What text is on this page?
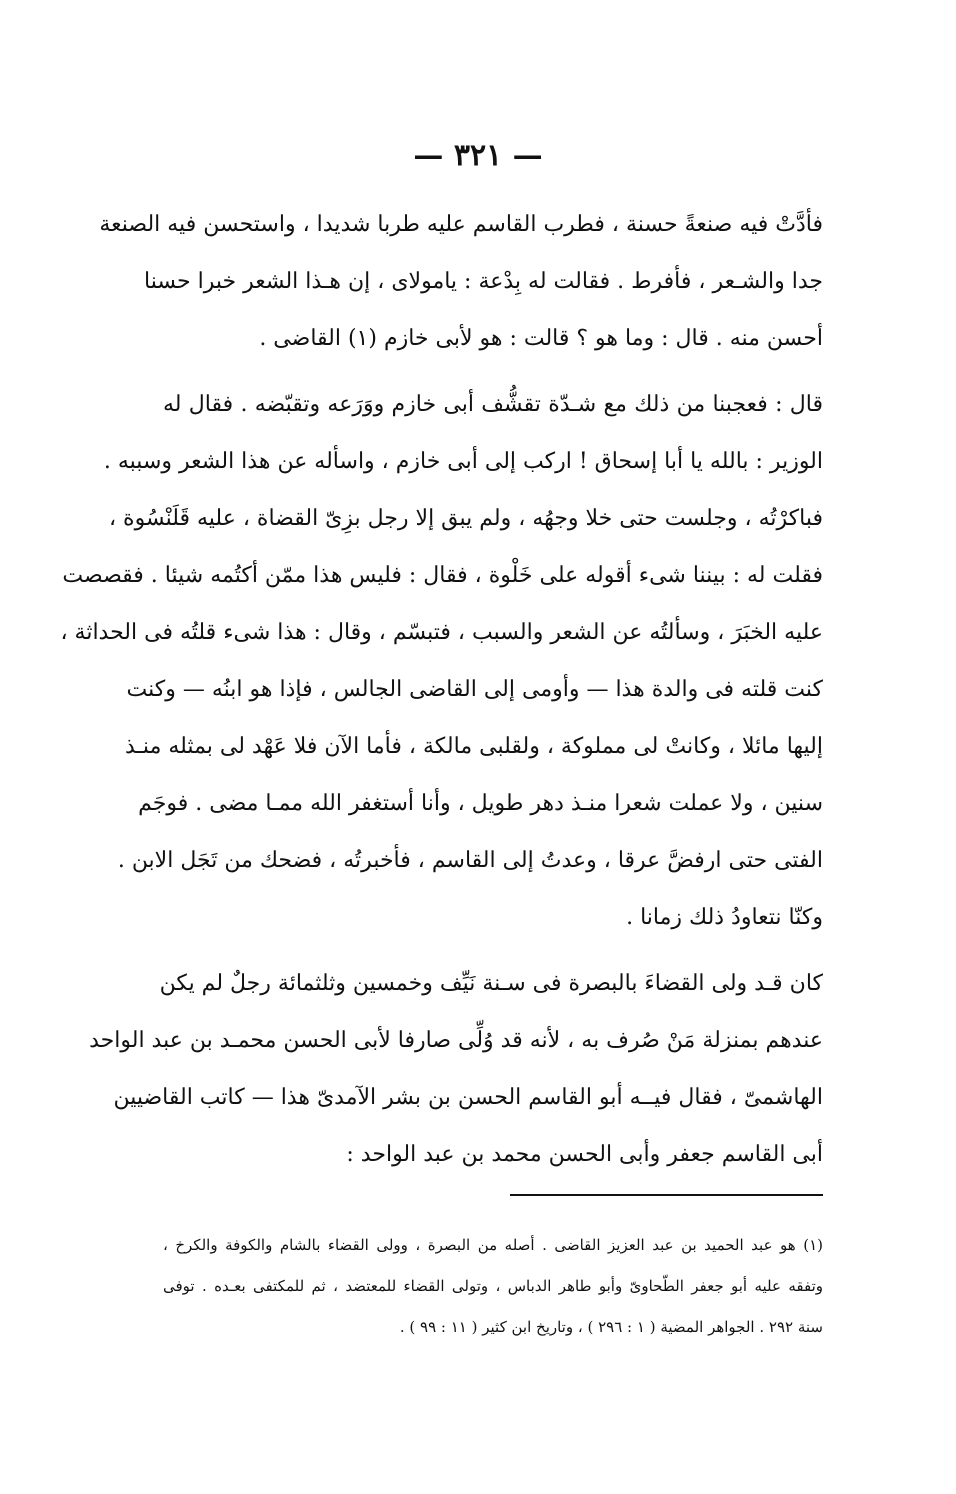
— ٣٢١ —
فأدَّتْ فيه صنعةً حسنة ، فطرب القاسم عليه طربا شديدا ، واستحسن فيه الصنعة
جدا والشـعر ، فأفرط . فقالت له بِدْعة : يامولاى ، إن هـذا الشعر خبرا حسنا
أحسن منه . قال : وما هو ؟ قالت : هو لأبى خازم (١) القاضى .
قال : فعجبنا من ذلك مع شـدّة تقشُّف أبى خازم ووَرَعه وتقبّضه . فقال له
الوزير : بالله يا أبا إسحاق ! اركب إلى أبى خازم ، واسأله عن هذا الشعر وسببه .
فباكرْتُه ، وجلست حتى خلا وجهُه ، ولم يبق إلا رجل بزِىّ القضاة ، عليه قَلَنْسُوة ،
فقلت له : بيننا شىء أقوله على خَلْوة ، فقال : فليس هذا ممّن أكتُمه شيئا . فقصصت
عليه الخبَرَ ، وسألتُه عن الشعر والسبب ، فتبسّم ، وقال : هذا شىء قلتُه فى الحداثة ،
كنت قلته فى والدة هذا — وأومى إلى القاضى الجالس ، فإذا هو ابنُه — وكنت
إليها مائلا ، وكانتْ لى مملوكة ، ولقلبى مالكة ، فأما الآن فلا عَهْد لى بمثله منـذ
سنين ، ولا عملت شعرا منـذ دهر طويل ، وأنا أستغفر الله ممـا مضى . فوجَم
الفتى حتى ارفضَّ عرقا ، وعدتُ إلى القاسم ، فأخبرتُه ، فضحك من تَجَل الابن .
وكنّا نتعاودُ ذلك زمانا .
كان قـد ولى القضاءَ بالبصرة فى سـنة نَيِّف وخمسين وثلثمائة رجلٌ لم يكن
عندهم بمنزلة مَنْ صُرف به ، لأنه قد وُلِّى صارفا لأبى الحسن محمـد بن عبد الواحد
الهاشمىّ ، فقال فيــه أبو القاسم الحسن بن بشر الآمدىّ هذا — كاتب القاضيين
أبى القاسم جعفر وأبى الحسن محمد بن عبد الواحد :
(١) هو عبد الحميد بن عبد العزيز القاضى . أصله من البصرة ، وولى القضاء بالشام والكوفة والكرخ ،
وتفقه عليه أبو جعفر الطّحاوىّ وأبو طاهر الدباس ، وتولى القضاء للمعتضد ، ثم للمكتفى بعـده . توفى
سنة ٢٩٢ . الجواهر المضية ( ١ : ٢٩٦ ) ، وتاريخ ابن كثير ( ١١ : ٩٩ ) .
